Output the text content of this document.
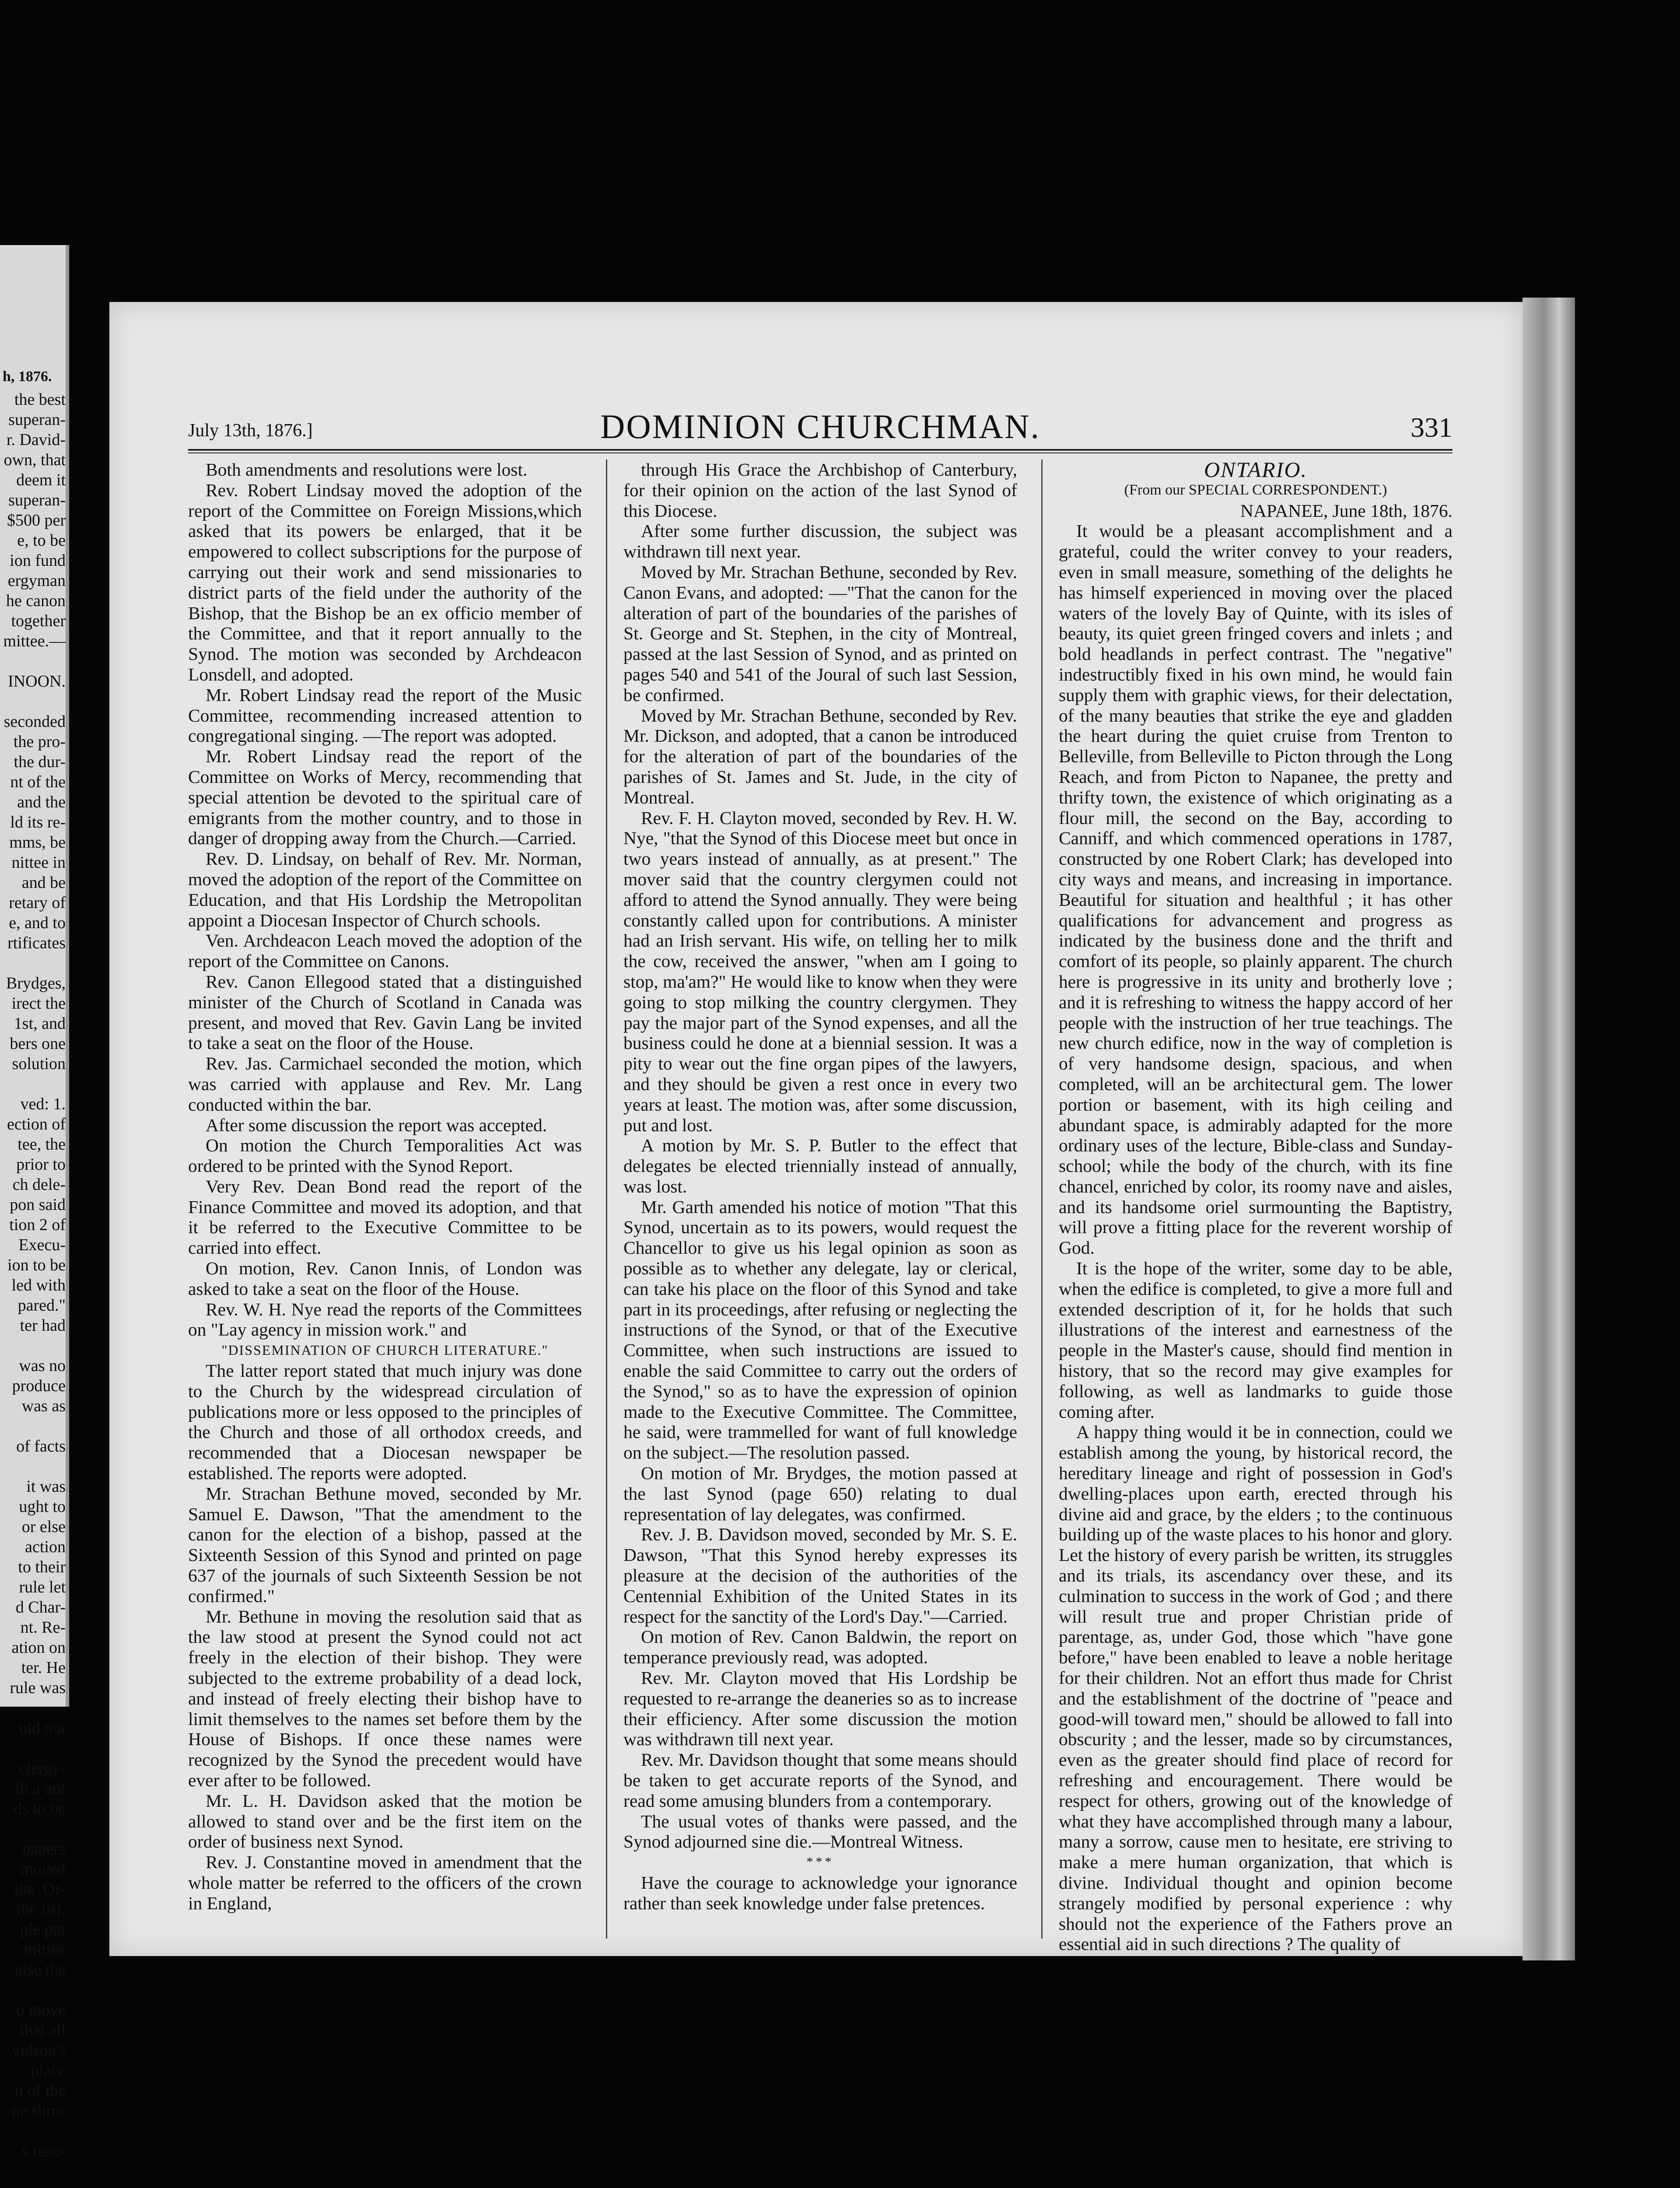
h, 1876.
the best
superan-
r. David-
own, that
deem it
superan-
$500 per
e, to be
ion fund
ergyman
he canon
together
mittee.—
INOON.
seconded
the pro-
the dur-
nt of the
and the
ld its re-
mms, be
nittee in
and be
retary of
e, and to
rtificates
Brydges,
irect the
1st, and
bers one
solution
ved: 1.
ection of
tee, the
prior to
ch dele-
pon said
tion 2 of
Execu-
ion to be
led with
pared."
ter had
was no
produce
was as
of facts
it was
ught to
or else
action
to their
rule let
d Char-
nt. Re-
ation on
ter. He
rule was
uld not
clergy-
ili a not
ds to be
papers
moved
the  Or-
the list,
ple put
mittee
nise the
o move
that all
vidson's
place
n of the
ne shro-
s reso-
July 13th, 1876.]	DOMINION CHURCHMAN.	331

Both amendments and resolutions were lost.

Rev. Robert Lindsay moved the adoption of the report of the Committee on Foreign Missions,which asked that its powers be enlarged, that it be empowered to collect subscriptions for the purpose of carrying out their work and send missionaries to district parts of the field under the authority of the Bishop, that the Bishop be an ex officio member of the Committee, and that it report annually to the Synod. The motion was seconded by Archdeacon Lonsdell, and adopted.

Mr. Robert Lindsay read the report of the Music Committee, recommending increased attention to congregational singing. —The report was adopted.

Mr. Robert Lindsay read the report of the Committee on Works of Mercy, recommending that special attention be devoted to the spiritual care of emigrants from the mother country, and to those in danger of dropping away from the Church.—Carried.

Rev. D. Lindsay, on behalf of Rev. Mr. Norman, moved the adoption of the report of the Committee on Education, and that His Lordship the Metropolitan appoint a Diocesan Inspector of Church schools.

Ven. Archdeacon Leach moved the adoption of the report of the Committee on Canons.

Rev. Canon Ellegood stated that a distinguished minister of the Church of Scotland in Canada was present, and moved that Rev. Gavin Lang be invited to take a seat on the floor of the House.

Rev. Jas. Carmichael seconded the motion, which was carried with applause and Rev. Mr. Lang conducted within the bar.

After some discussion the report was accepted.

On motion the Church Temporalities Act was ordered to be printed with the Synod Report.

Very Rev. Dean Bond read the report of the Finance Committee and moved its adoption, and that it be referred to the Executive Committee to be carried into effect.

On motion, Rev. Canon Innis, of London was asked to take a seat on the floor of the House.

Rev. W. H. Nye read the reports of the Committees on "Lay agency in mission work." and

"DISSEMINATION OF CHURCH LITERATURE."

The latter report stated that much injury was done to the Church by the widespread circulation of publications more or less opposed to the principles of the Church and those of all orthodox creeds, and recommended that a Diocesan newspaper be established. The reports were adopted.

Mr. Strachan Bethune moved, seconded by Mr. Samuel E. Dawson, "That the amendment to the canon for the election of a bishop, passed at the Sixteenth Session of this Synod and printed on page 637 of the journals of such Sixteenth Session be not confirmed."

Mr. Bethune in moving the resolution said that as the law stood at present the Synod could not act freely in the election of their bishop. They were subjected to the extreme probability of a dead lock, and instead of freely electing their bishop have to limit themselves to the names set before them by the House of Bishops. If once these names were recognized by the Synod the precedent would have ever after to be followed.

Mr. L. H. Davidson asked that the motion be allowed to stand over and be the first item on the order of business next Synod.

Rev. J. Constantine moved in amendment that the whole matter be referred to the officers of the crown in England,

through His Grace the Archbishop of Canterbury, for their opinion on the action of the last Synod of this Diocese.

After some further discussion, the subject was withdrawn till next year.

Moved by Mr. Strachan Bethune, seconded by Rev. Canon Evans, and adopted: —"That the canon for the alteration of part of the boundaries of the parishes of St. George and St. Stephen, in the city of Montreal, passed at the last Session of Synod, and as printed on pages 540 and 541 of the Joural of such last Session, be confirmed.

Moved by Mr. Strachan Bethune, seconded by Rev. Mr. Dickson, and adopted, that a canon be introduced for the alteration of part of the boundaries of the parishes of St. James and St. Jude, in the city of Montreal.

Rev. F. H. Clayton moved, seconded by Rev. H. W. Nye, "that the Synod of this Diocese meet but once in two years instead of annually, as at present." The mover said that the country clergymen could not afford to attend the Synod annually. They were being constantly called upon for contributions. A minister had an Irish servant. His wife, on telling her to milk the cow, received the answer, "when am I going to stop, ma'am?" He would like to know when they were going to stop milking the country clergymen. They pay the major part of the Synod expenses, and all the business could he done at a biennial session. It was a pity to wear out the fine organ pipes of the lawyers, and they should be given a rest once in every two years at least. The motion was, after some discussion, put and lost.

A motion by Mr. S. P. Butler to the effect that delegates be elected triennially instead of annually, was lost.

Mr. Garth amended his notice of motion "That this Synod, uncertain as to its powers, would request the Chancellor to give us his legal opinion as soon as possible as to whether any delegate, lay or clerical, can take his place on the floor of this Synod and take part in its proceedings, after refusing or neglecting the instructions of the Synod, or that of the Executive Committee, when such instructions are issued to enable the said Committee to carry out the orders of the Synod," so as to have the expression of opinion made to the Executive Committee. The Committee, he said, were trammelled for want of full knowledge on the subject.—The resolution passed.

On motion of Mr. Brydges, the motion passed at the last Synod (page 650) relating to dual representation of lay delegates, was confirmed.

Rev. J. B. Davidson moved, seconded by Mr. S. E. Dawson, "That this Synod hereby expresses its pleasure at the decision of the authorities of the Centennial Exhibition of the United States in its respect for the sanctity of the Lord's Day."—Carried.

On motion of Rev. Canon Baldwin, the report on temperance previously read, was adopted.

Rev. Mr. Clayton moved that His Lordship be requested to re-arrange the deaneries so as to increase their efficiency. After some discussion the motion was withdrawn till next year.

Rev. Mr. Davidson thought that some means should be taken to get accurate reports of the Synod, and read some amusing blunders from a contemporary.

The usual votes of thanks were passed, and the Synod adjourned sine die.—Montreal Witness.

***

Have the courage to acknowledge your ignorance rather than seek knowledge under false pretences.

ONTARIO.

(From our SPECIAL CORRESPONDENT.)

NAPANEE, June 18th, 1876.

It would be a pleasant accomplishment and a grateful, could the writer convey to your readers, even in small measure, something of the delights he has himself experienced in moving over the placed waters of the lovely Bay of Quinte, with its isles of beauty, its quiet green fringed covers and inlets ; and bold headlands in perfect contrast. The "negative" indestructibly fixed in his own mind, he would fain supply them with graphic views, for their delectation, of the many beauties that strike the eye and gladden the heart during the quiet cruise from Trenton to Belleville, from Belleville to Picton through the Long Reach, and from Picton to Napanee, the pretty and thrifty town, the existence of which originating as a flour mill, the second on the Bay, according to Canniff, and which commenced operations in 1787, constructed by one Robert Clark; has developed into city ways and means, and increasing in importance. Beautiful for situation and healthful ; it has other qualifications for advancement and progress as indicated by the business done and the thrift and comfort of its people, so plainly apparent. The church here is progressive in its unity and brotherly love ; and it is refreshing to witness the happy accord of her people with the instruction of her true teachings. The new church edifice, now in the way of completion is of very handsome design, spacious, and when completed, will an be architectural gem. The lower portion or basement, with its high ceiling and abundant space, is admirably adapted for the more ordinary uses of the lecture, Bible-class and Sunday-school; while the body of the church, with its fine chancel, enriched by color, its roomy nave and aisles, and its handsome oriel surmounting the Baptistry, will prove a fitting place for the reverent worship of God.

It is the hope of the writer, some day to be able, when the edifice is completed, to give a more full and extended description of it, for he holds that such illustrations of the interest and earnestness of the people in the Master's cause, should find mention in history, that so the record may give examples for following, as well as landmarks to guide those coming after.

A happy thing would it be in connection, could we establish among the young, by historical record, the hereditary lineage and right of possession in God's dwelling-places upon earth, erected through his divine aid and grace, by the elders ; to the continuous building up of the waste places to his honor and glory. Let the history of every parish be written, its struggles and its trials, its ascendancy over these, and its culmination to success in the work of God ; and there will result true and proper Christian pride of parentage, as, under God, those which "have gone before," have been enabled to leave a noble heritage for their children. Not an effort thus made for Christ and the establishment of the doctrine of "peace and good-will toward men," should be allowed to fall into obscurity ; and the lesser, made so by circumstances, even as the greater should find place of record for refreshing and encouragement. There would be respect for others, growing out of the knowledge of what they have accomplished through many a labour, many a sorrow, cause men to hesitate, ere striving to make a mere human organization, that which is divine. Individual thought and opinion become strangely modified by personal experience : why should not the experience of the Fathers prove an essential aid in such directions ? The quality of
